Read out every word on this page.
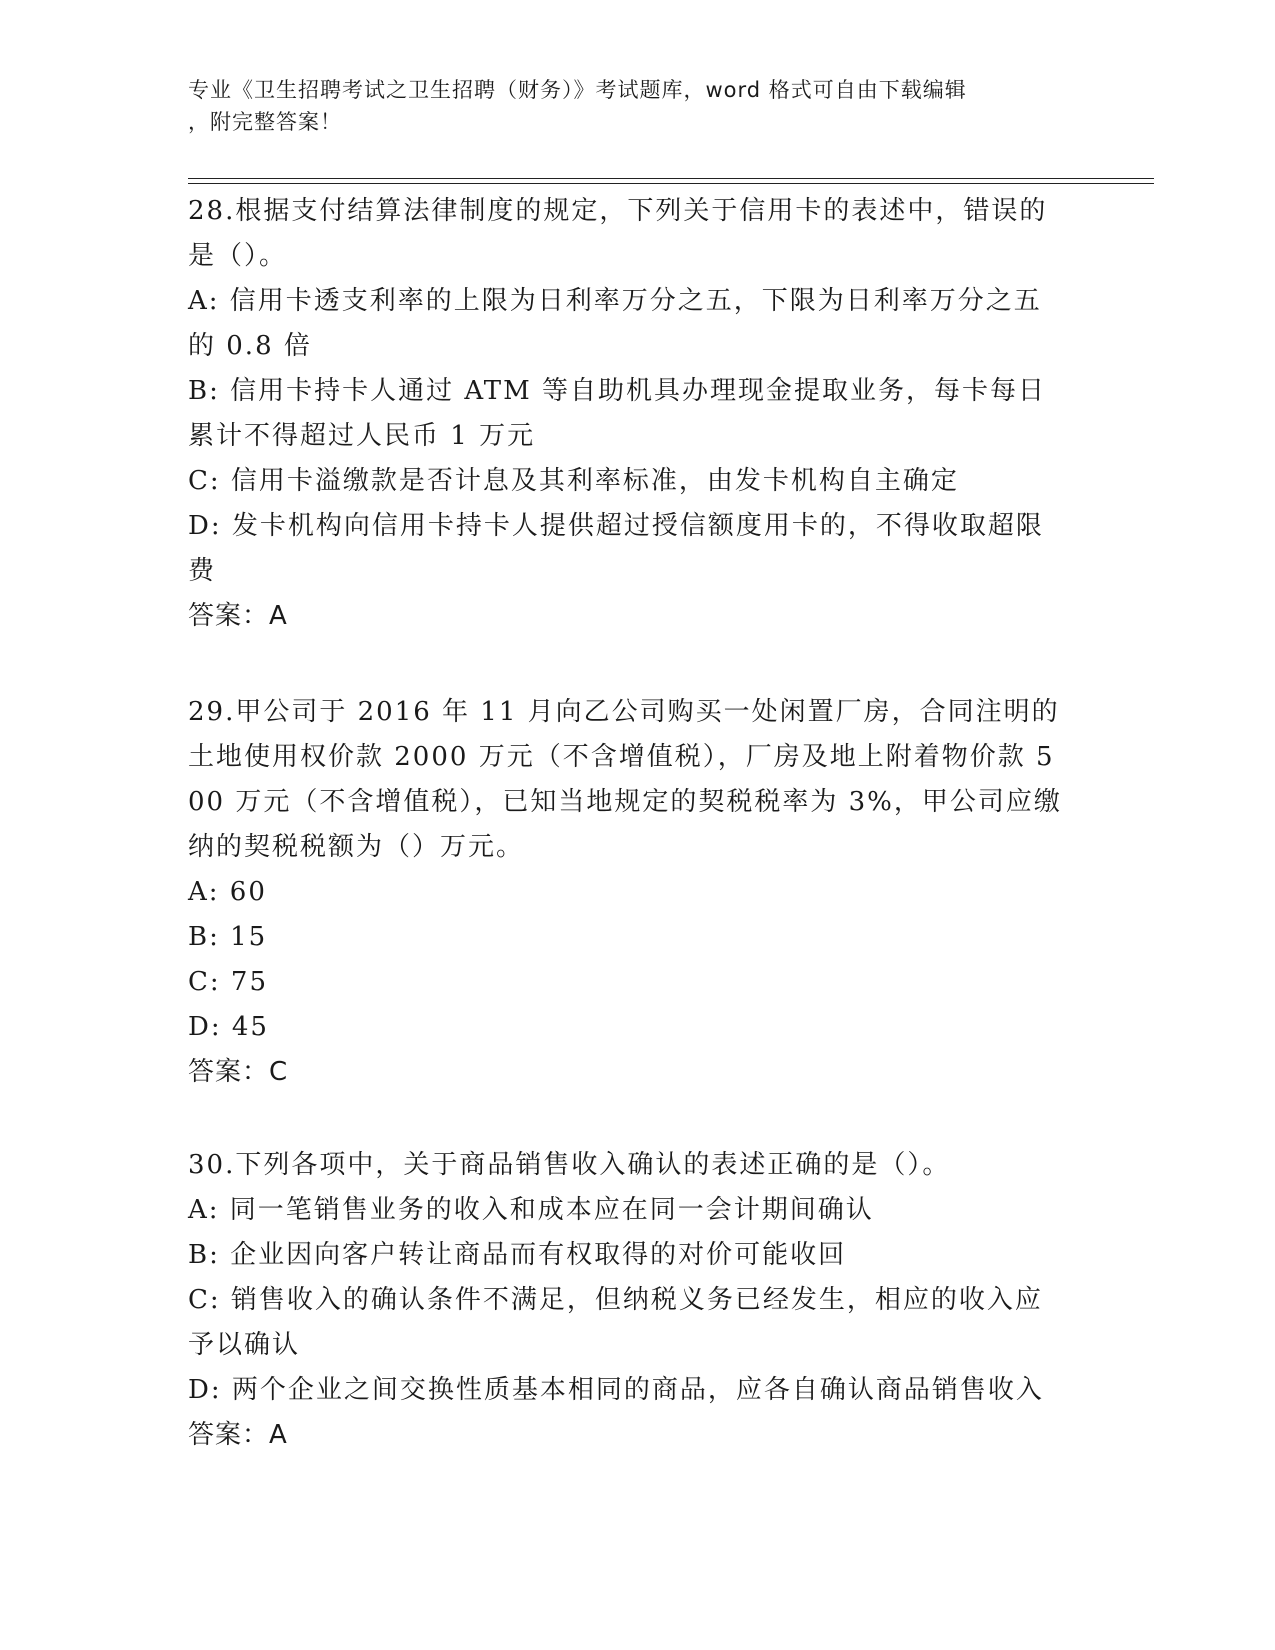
专业《卫生招聘考试之卫生招聘（财务）》考试题库，word 格式可自由下载编辑
，附完整答案！

28.根据支付结算法律制度的规定，下列关于信用卡的表述中，错误的是（）。

A: 信用卡透支利率的上限为日利率万分之五，下限为日利率万分之五的 0.8 倍

B: 信用卡持卡人通过 ATM 等自助机具办理现金提取业务，每卡每日累计不得超过人民币 1 万元

C: 信用卡溢缴款是否计息及其利率标准，由发卡机构自主确定

D: 发卡机构向信用卡持卡人提供超过授信额度用卡的，不得收取超限费

答案：A

29.甲公司于 2016 年 11 月向乙公司购买一处闲置厂房，合同注明的土地使用权价款 2000 万元（不含增值税），厂房及地上附着物价款 500 万元（不含增值税），已知当地规定的契税税率为 3%，甲公司应缴纳的契税税额为（）万元。

A: 60

B: 15

C: 75

D: 45

答案：C

30.下列各项中，关于商品销售收入确认的表述正确的是（）。

A: 同一笔销售业务的收入和成本应在同一会计期间确认

B: 企业因向客户转让商品而有权取得的对价可能收回

C: 销售收入的确认条件不满足，但纳税义务已经发生，相应的收入应予以确认

D: 两个企业之间交换性质基本相同的商品，应各自确认商品销售收入

答案：A
